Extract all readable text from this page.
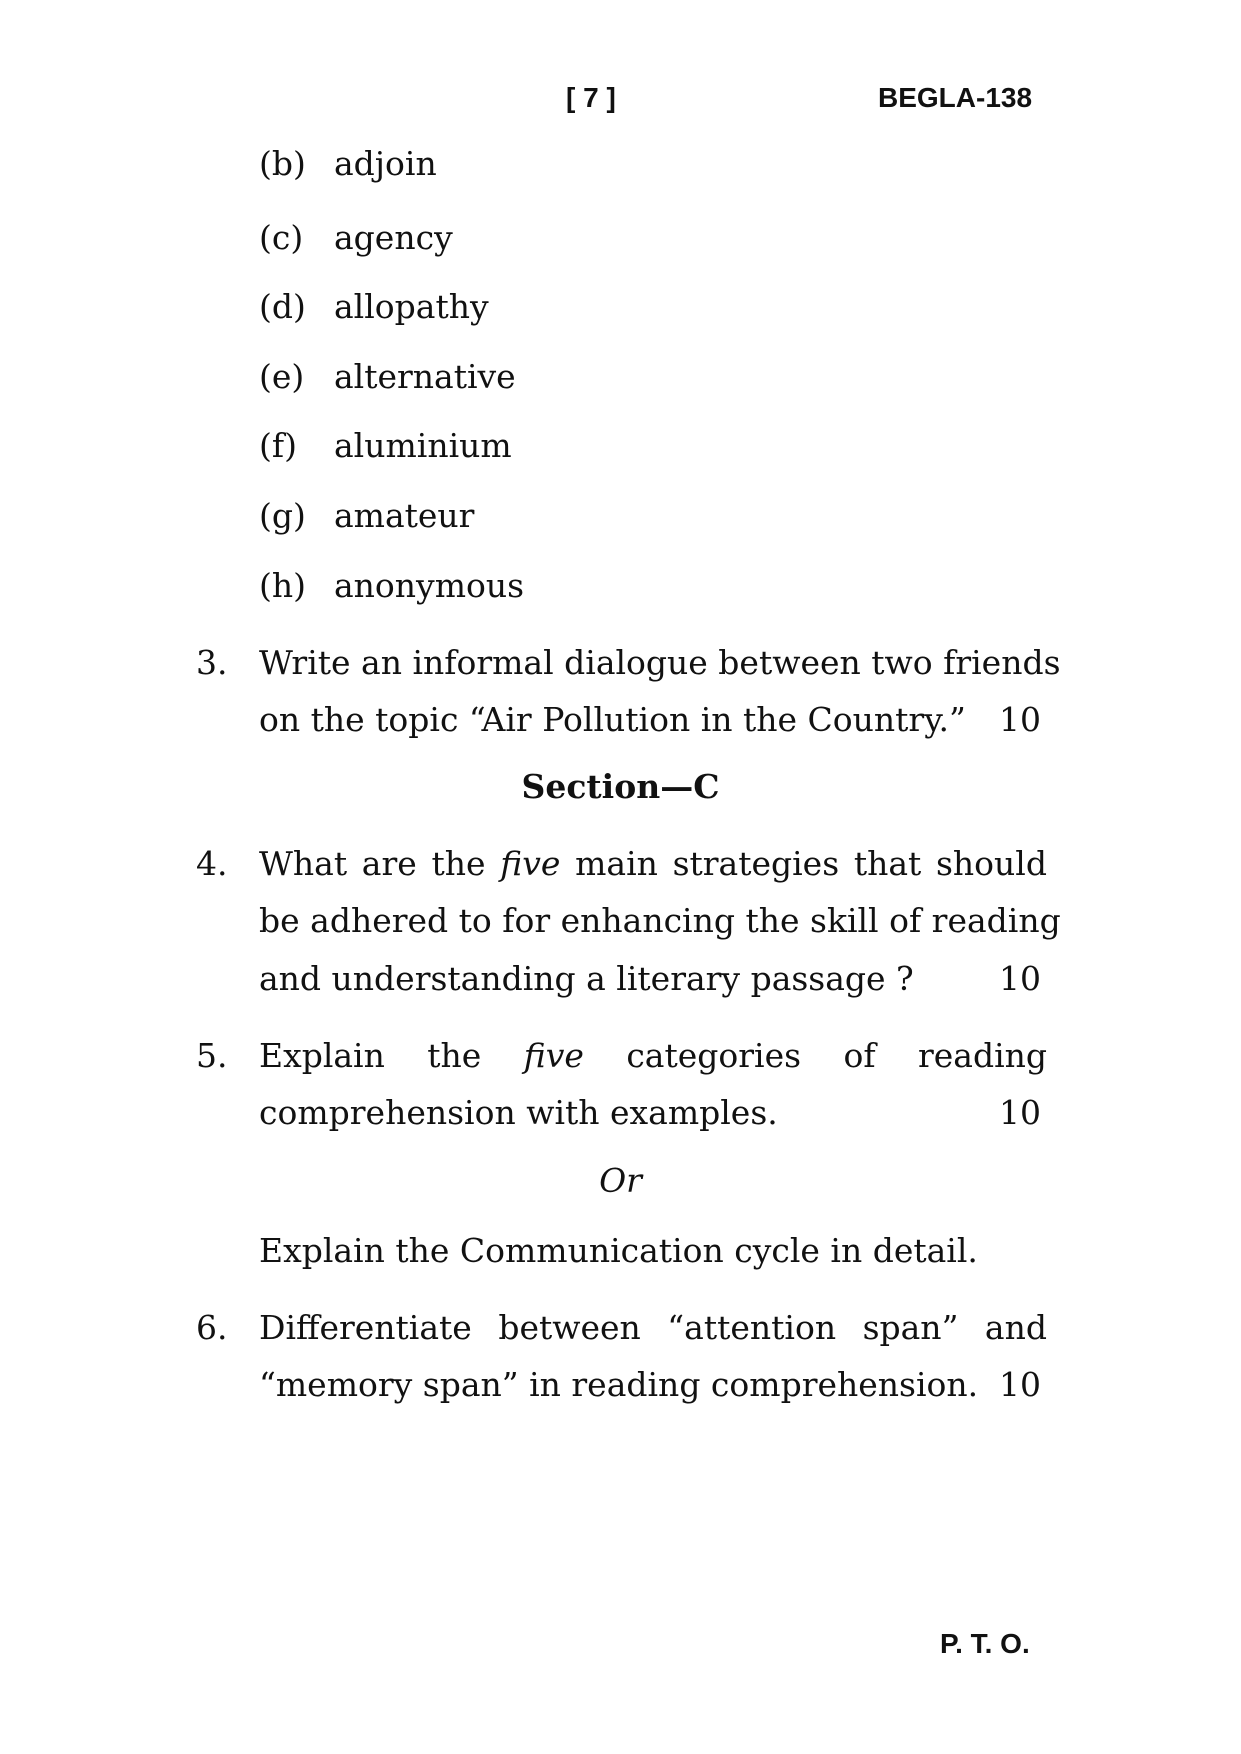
[ 7 ]	BEGLA-138
(b) adjoin
(c) agency
(d) allopathy
(e) alternative
(f) aluminium
(g) amateur
(h) anonymous
3. Write an informal dialogue between two friends
on the topic “Air Pollution in the Country.”	10
Section—C
4. What are the five main strategies that should
be adhered to for enhancing the skill of reading
and understanding a literary passage ?	10
5. Explain the five categories of reading
comprehension with examples.	10
Or
Explain the Communication cycle in detail.
6. Differentiate between “attention span” and
“memory span” in reading comprehension. 10
P. T. O.
